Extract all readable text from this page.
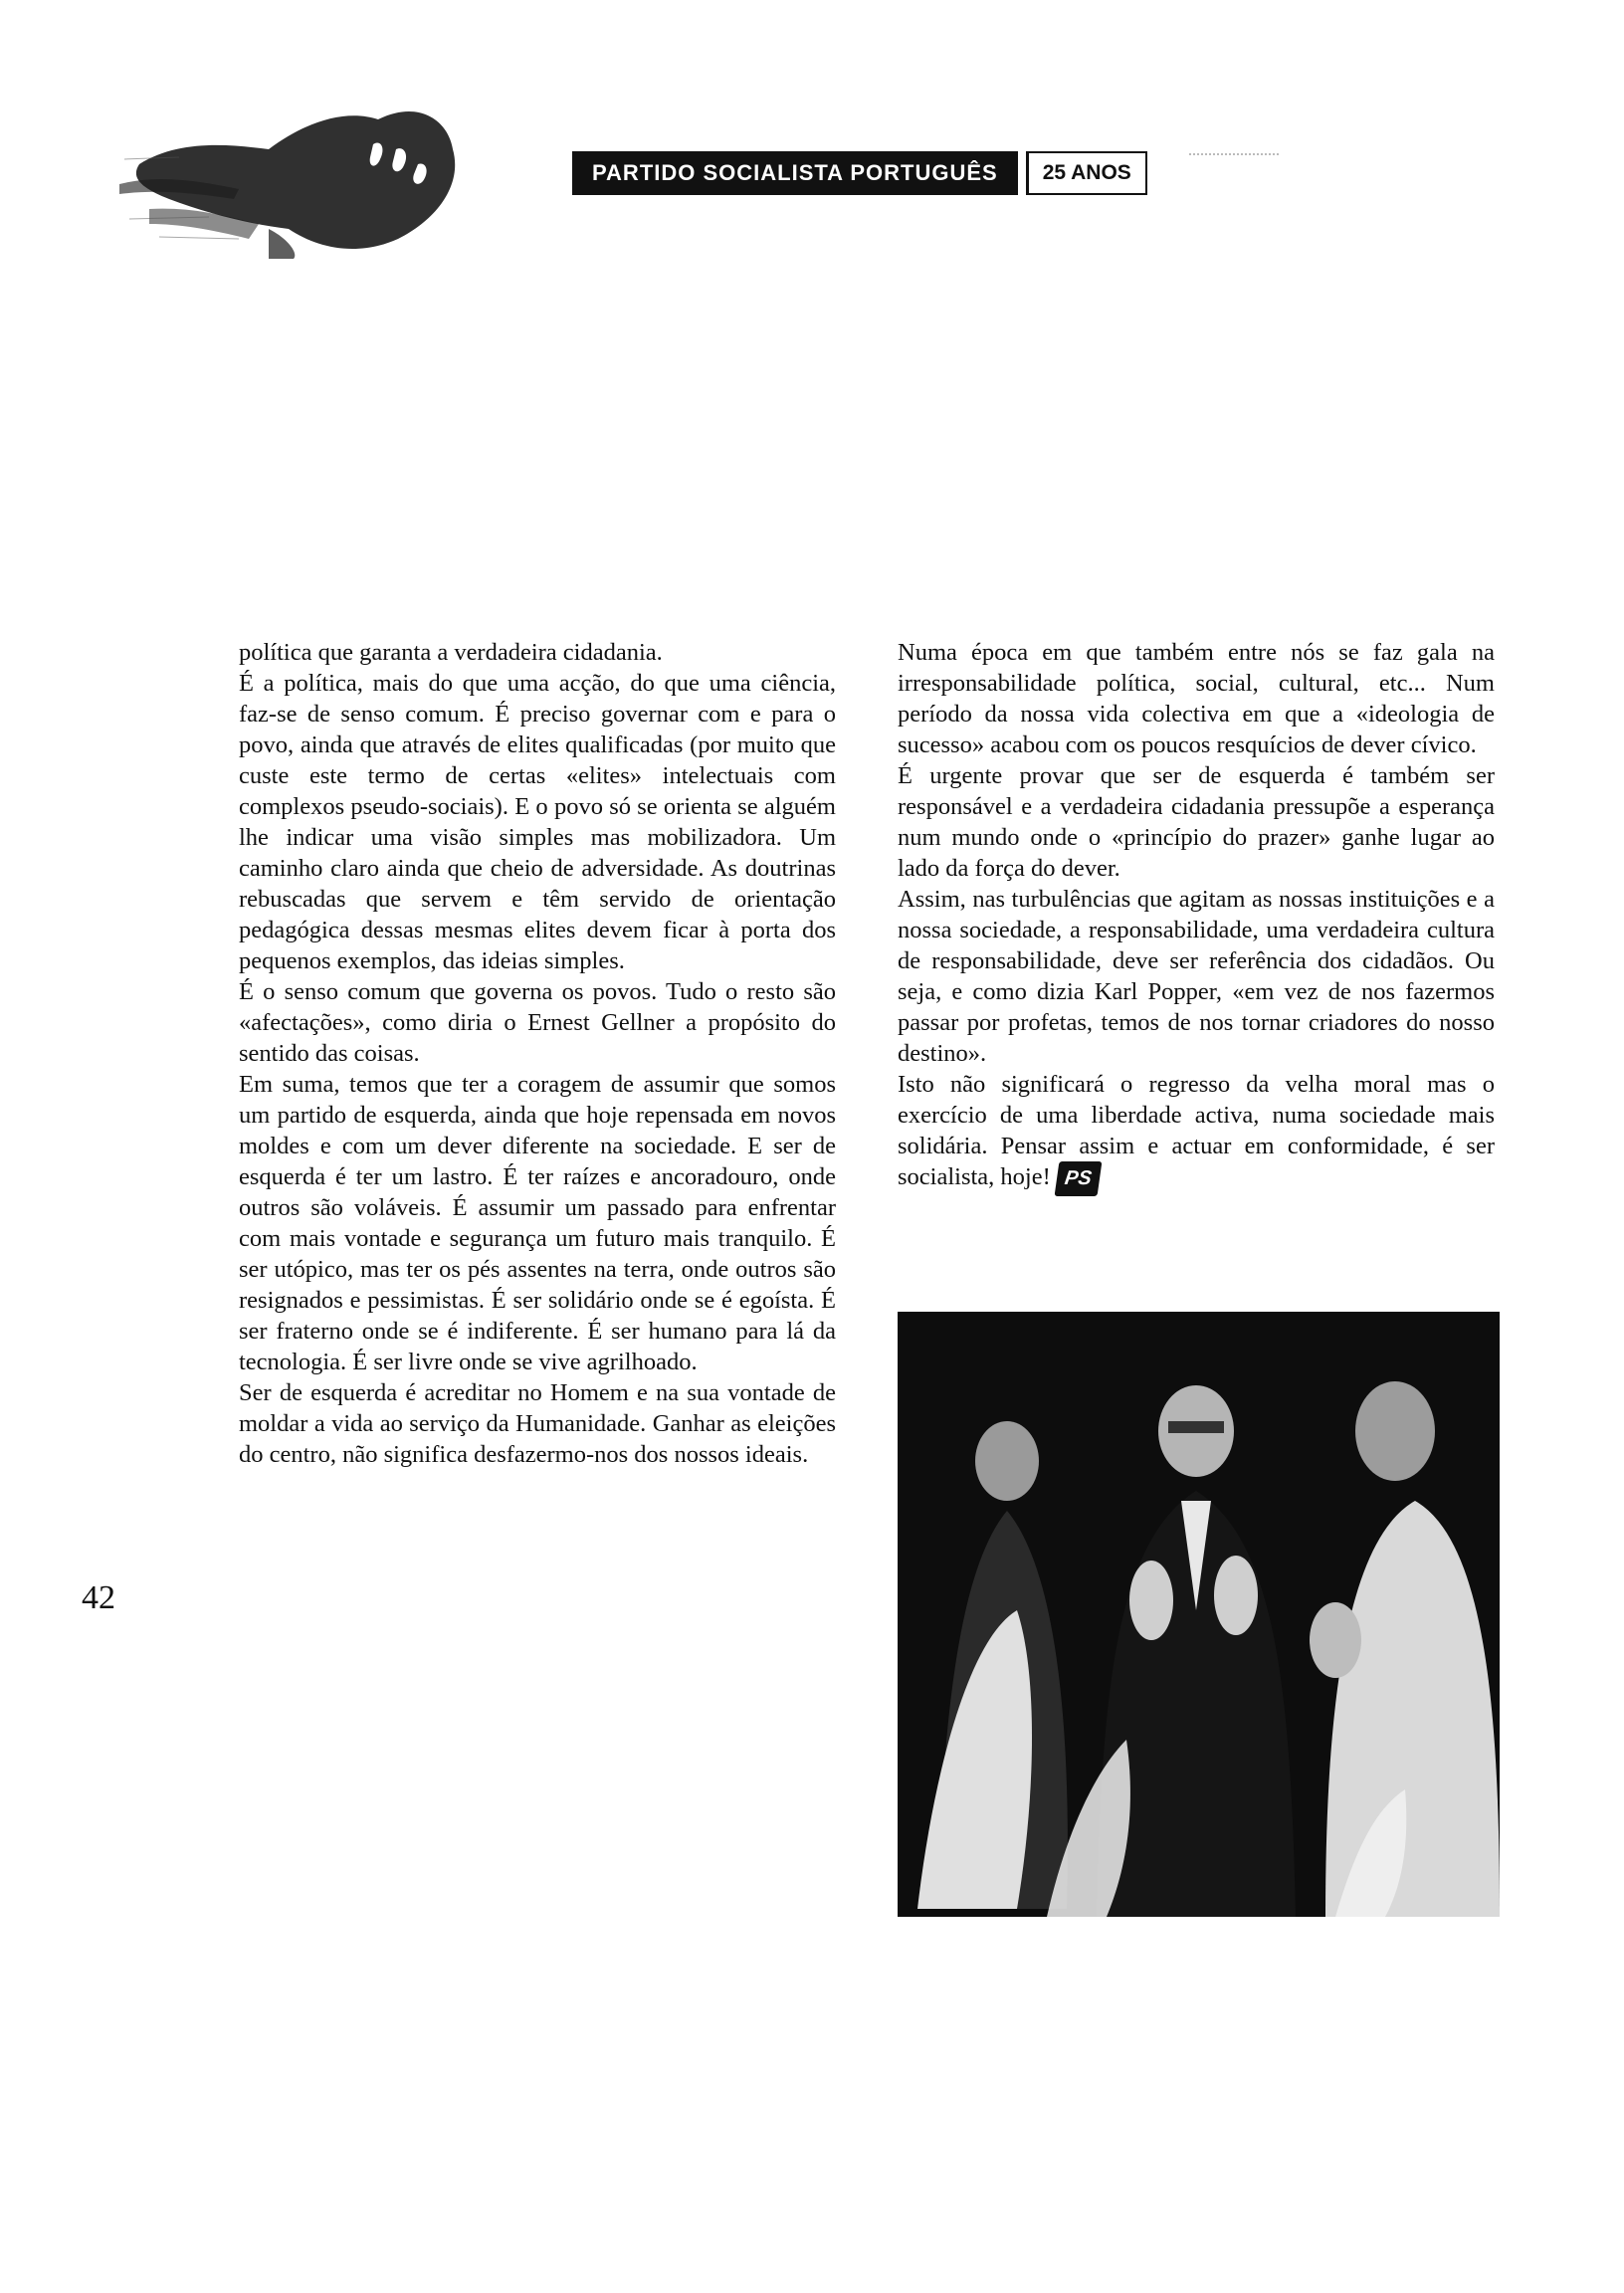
PARTIDO SOCIALISTA PORTUGUÊS	25 ANOS

política que garanta a verdadeira cidadania.

É a política, mais do que uma acção, do que uma ciência, faz-se de senso comum. É preciso governar com e para o povo, ainda que através de elites qualificadas (por muito que custe este termo de certas «elites» intelectuais com complexos pseudo-sociais). E o povo só se orienta se alguém lhe indicar uma visão simples mas mobilizadora. Um caminho claro ainda que cheio de adversidade. As doutrinas rebuscadas que servem e têm servido de orientação pedagógica dessas mesmas elites devem ficar à porta dos pequenos exemplos, das ideias simples.

É o senso comum que governa os povos. Tudo o resto são «afectações», como diria o Ernest Gellner a propósito do sentido das coisas.

Em suma, temos que ter a coragem de assumir que somos um partido de esquerda, ainda que hoje repensada em novos moldes e com um dever diferente na sociedade. E ser de esquerda é ter um lastro. É ter raízes e ancoradouro, onde outros são voláveis. É assumir um passado para enfrentar com mais vontade e segurança um futuro mais tranquilo. É ser utópico, mas ter os pés assentes na terra, onde outros são resignados e pessimistas. É ser solidário onde se é egoísta. É ser fraterno onde se é indiferente. É ser humano para lá da tecnologia. É ser livre onde se vive agrilhoado.

Ser de esquerda é acreditar no Homem e na sua vontade de moldar a vida ao serviço da Humanidade. Ganhar as eleições do centro, não significa desfazermo-nos dos nossos ideais.

Numa época em que também entre nós se faz gala na irresponsabilidade política, social, cultural, etc... Num período da nossa vida colectiva em que a «ideologia de sucesso» acabou com os poucos resquícios de dever cívico.

É urgente provar que ser de esquerda é também ser responsável e a verdadeira cidadania pressupõe a esperança num mundo onde o «princípio do prazer» ganhe lugar ao lado da força do dever.

Assim, nas turbulências que agitam as nossas instituições e a nossa sociedade, a responsabilidade, uma verdadeira cultura de responsabilidade, deve ser referência dos cidadãos. Ou seja, e como dizia Karl Popper, «em vez de nos fazermos passar por profetas, temos de nos tornar criadores do nosso destino».

Isto não significará o regresso da velha moral mas o exercício de uma liberdade activa, numa sociedade mais solidária. Pensar assim e actuar em conformidade, é ser socialista, hoje! PS

42
